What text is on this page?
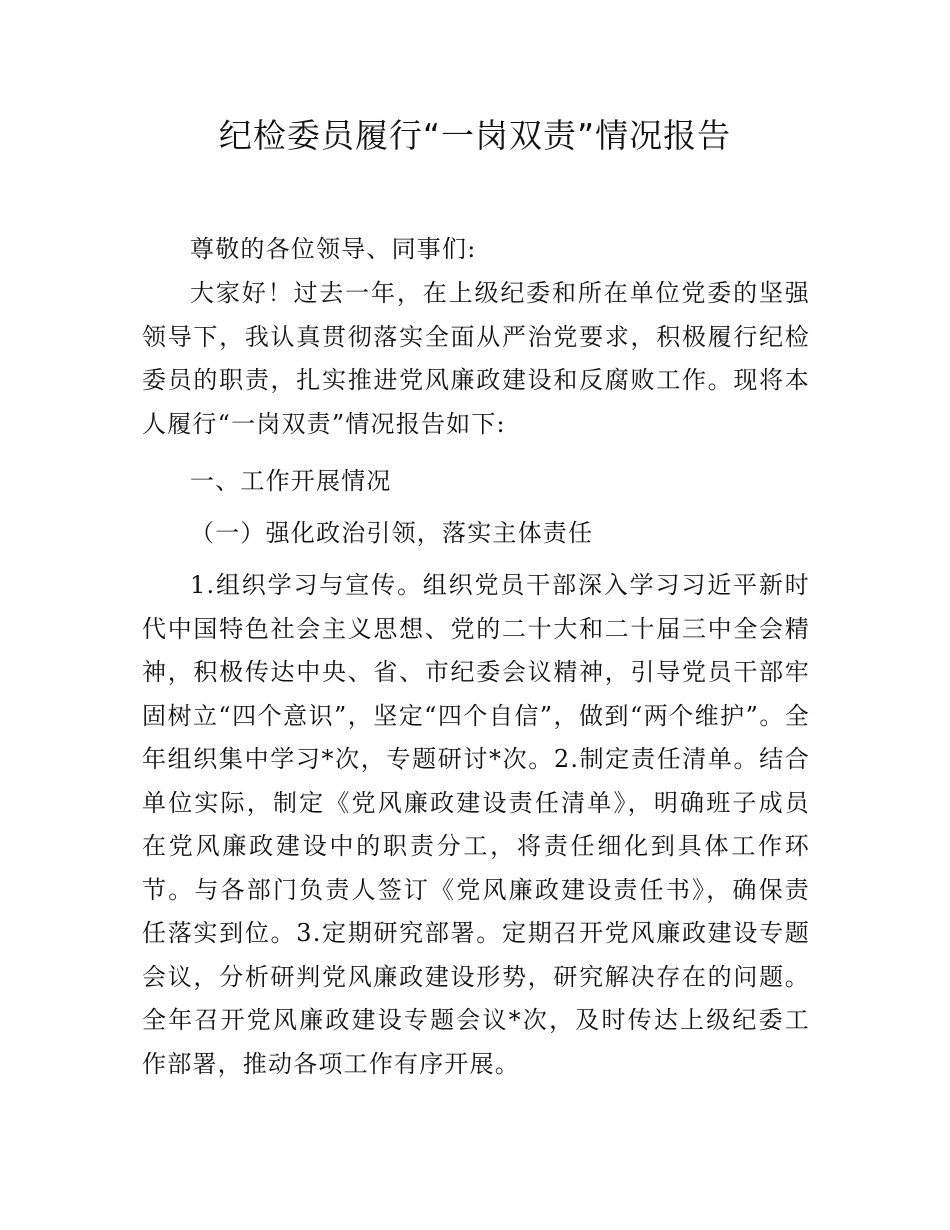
纪检委员履行“一岗双责”情况报告

尊敬的各位领导、同事们:

大家好！过去一年，在上级纪委和所在单位党委的坚强领导下，我认真贯彻落实全面从严治党要求，积极履行纪检委员的职责，扎实推进党风廉政建设和反腐败工作。现将本人履行“一岗双责”情况报告如下:

一、工作开展情况

（一）强化政治引领，落实主体责任

1.组织学习与宣传。组织党员干部深入学习习近平新时代中国特色社会主义思想、党的二十大和二十届三中全会精神，积极传达中央、省、市纪委会议精神，引导党员干部牢固树立“四个意识”，坚定“四个自信”，做到“两个维护”。全年组织集中学习*次，专题研讨*次。2.制定责任清单。结合单位实际，制定《党风廉政建设责任清单》，明确班子成员在党风廉政建设中的职责分工，将责任细化到具体工作环节。与各部门负责人签订《党风廉政建设责任书》，确保责任落实到位。3.定期研究部署。定期召开党风廉政建设专题会议，分析研判党风廉政建设形势，研究解决存在的问题。全年召开党风廉政建设专题会议*次，及时传达上级纪委工作部署，推动各项工作有序开展。
